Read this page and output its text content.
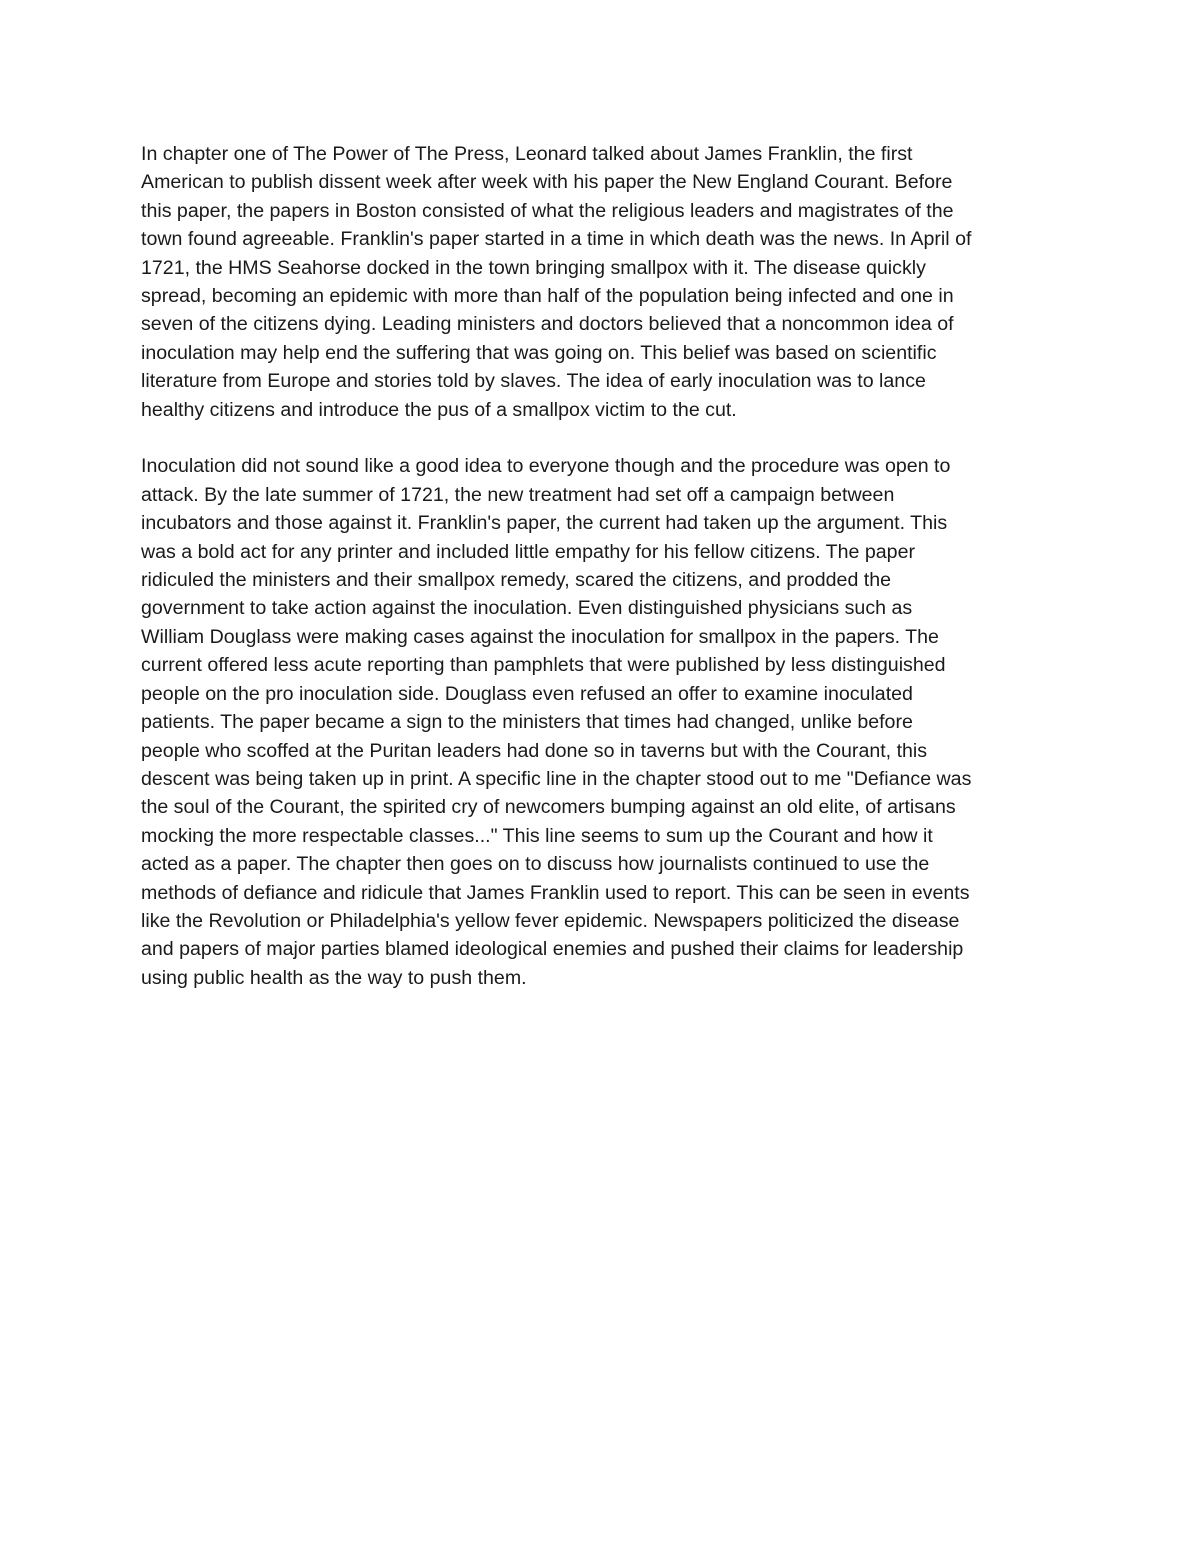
In chapter one of The Power of The Press, Leonard talked about James Franklin, the first
American to publish dissent week after week with his paper the New England Courant. Before
this paper, the papers in Boston consisted of what the religious leaders and magistrates of the
town found agreeable. Franklin's paper started in a time in which death was the news. In April of
1721, the HMS Seahorse docked in the town bringing smallpox with it. The disease quickly
spread, becoming an epidemic with more than half of the population being infected and one in
seven of the citizens dying. Leading ministers and doctors believed that a noncommon idea of
inoculation may help end the suffering that was going on. This belief was based on scientific
literature from Europe and stories told by slaves. The idea of early inoculation was to lance
healthy citizens and introduce the pus of a smallpox victim to the cut.

Inoculation did not sound like a good idea to everyone though and the procedure was open to
attack. By the late summer of 1721, the new treatment had set off a campaign between
incubators and those against it. Franklin's paper, the current had taken up the argument. This
was a bold act for any printer and included little empathy for his fellow citizens. The paper
ridiculed the ministers and their smallpox remedy, scared the citizens, and prodded the
government to take action against the inoculation. Even distinguished physicians such as
William Douglass were making cases against the inoculation for smallpox in the papers. The
current offered less acute reporting than pamphlets that were published by less distinguished
people on the pro inoculation side. Douglass even refused an offer to examine inoculated
patients. The paper became a sign to the ministers that times had changed, unlike before
people who scoffed at the Puritan leaders had done so in taverns but with the Courant, this
descent was being taken up in print. A specific line in the chapter stood out to me "Defiance was
the soul of the Courant, the spirited cry of newcomers bumping against an old elite, of artisans
mocking the more respectable classes..." This line seems to sum up the Courant and how it
acted as a paper. The chapter then goes on to discuss how journalists continued to use the
methods of defiance and ridicule that James Franklin used to report. This can be seen in events
like the Revolution or Philadelphia's yellow fever epidemic. Newspapers politicized the disease
and papers of major parties blamed ideological enemies and pushed their claims for leadership
using public health as the way to push them.
